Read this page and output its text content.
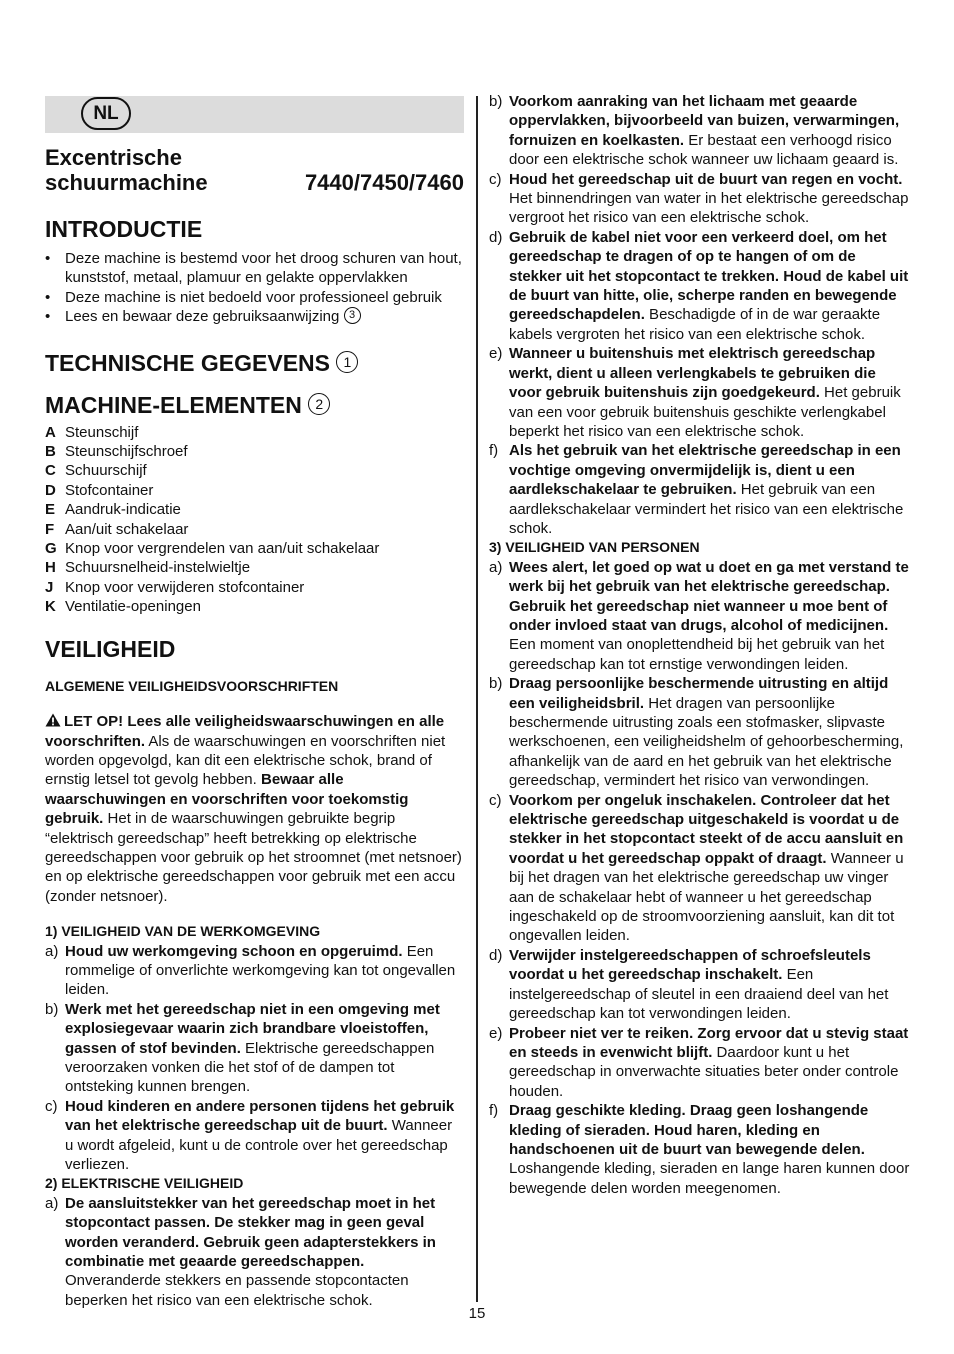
NL
Excentrische
schuurmachine	7440/7450/7460
INTRODUCTIE
• Deze machine is bestemd voor het droog schuren van hout, kunststof, metaal, plamuur en gelakte oppervlakken
• Deze machine is niet bedoeld voor professioneel gebruik
• Lees en bewaar deze gebruiksaanwijzing 3
TECHNISCHE GEGEVENS 1
MACHINE-ELEMENTEN 2
A Steunschijf
B Steunschijfschroef
C Schuurschijf
D Stofcontainer
E Aandruk-indicatie
F Aan/uit schakelaar
G Knop voor vergrendelen van aan/uit schakelaar
H Schuursnelheid-instelwieltje
J Knop voor verwijderen stofcontainer
K Ventilatie-openingen
VEILIGHEID
ALGEMENE VEILIGHEIDSVOORSCHRIFTEN
LET OP! Lees alle veiligheidswaarschuwingen en alle voorschriften. Als de waarschuwingen en voorschriften niet worden opgevolgd, kan dit een elektrische schok, brand of ernstig letsel tot gevolg hebben. Bewaar alle waarschuwingen en voorschriften voor toekomstig gebruik. Het in de waarschuwingen gebruikte begrip “elektrisch gereedschap” heeft betrekking op elektrische gereedschappen voor gebruik op het stroomnet (met netsnoer) en op elektrische gereedschappen voor gebruik met een accu (zonder netsnoer).
1) VEILIGHEID VAN DE WERKOMGEVING
a) Houd uw werkomgeving schoon en opgeruimd. Een rommelige of onverlichte werkomgeving kan tot ongevallen leiden.
b) Werk met het gereedschap niet in een omgeving met explosiegevaar waarin zich brandbare vloeistoffen, gassen of stof bevinden. Elektrische gereedschappen veroorzaken vonken die het stof of de dampen tot ontsteking kunnen brengen.
c) Houd kinderen en andere personen tijdens het gebruik van het elektrische gereedschap uit de buurt. Wanneer u wordt afgeleid, kunt u de controle over het gereedschap verliezen.
2) ELEKTRISCHE VEILIGHEID
a) De aansluitstekker van het gereedschap moet in het stopcontact passen. De stekker mag in geen geval worden veranderd. Gebruik geen adapterstekkers in combinatie met geaarde gereedschappen. Onveranderde stekkers en passende stopcontacten beperken het risico van een elektrische schok.
b) Voorkom aanraking van het lichaam met geaarde oppervlakken, bijvoorbeeld van buizen, verwarmingen, fornuizen en koelkasten. Er bestaat een verhoogd risico door een elektrische schok wanneer uw lichaam geaard is.
c) Houd het gereedschap uit de buurt van regen en vocht. Het binnendringen van water in het elektrische gereedschap vergroot het risico van een elektrische schok.
d) Gebruik de kabel niet voor een verkeerd doel, om het gereedschap te dragen of op te hangen of om de stekker uit het stopcontact te trekken. Houd de kabel uit de buurt van hitte, olie, scherpe randen en bewegende gereedschapdelen. Beschadigde of in de war geraakte kabels vergroten het risico van een elektrische schok.
e) Wanneer u buitenshuis met elektrisch gereedschap werkt, dient u alleen verlengkabels te gebruiken die voor gebruik buitenshuis zijn goedgekeurd. Het gebruik van een voor gebruik buitenshuis geschikte verlengkabel beperkt het risico van een elektrische schok.
f) Als het gebruik van het elektrische gereedschap in een vochtige omgeving onvermijdelijk is, dient u een aardlekschakelaar te gebruiken. Het gebruik van een aardlekschakelaar vermindert het risico van een elektrische schok.
3) VEILIGHEID VAN PERSONEN
a) Wees alert, let goed op wat u doet en ga met verstand te werk bij het gebruik van het elektrische gereedschap. Gebruik het gereedschap niet wanneer u moe bent of onder invloed staat van drugs, alcohol of medicijnen. Een moment van onoplettendheid bij het gebruik van het gereedschap kan tot ernstige verwondingen leiden.
b) Draag persoonlijke beschermende uitrusting en altijd een veiligheidsbril. Het dragen van persoonlijke beschermende uitrusting zoals een stofmasker, slipvaste werkschoenen, een veiligheidshelm of gehoorbescherming, afhankelijk van de aard en het gebruik van het elektrische gereedschap, vermindert het risico van verwondingen.
c) Voorkom per ongeluk inschakelen. Controleer dat het elektrische gereedschap uitgeschakeld is voordat u de stekker in het stopcontact steekt of de accu aansluit en voordat u het gereedschap oppakt of draagt. Wanneer u bij het dragen van het elektrische gereedschap uw vinger aan de schakelaar hebt of wanneer u het gereedschap ingeschakeld op de stroomvoorziening aansluit, kan dit tot ongevallen leiden.
d) Verwijder instelgereedschappen of schroefsleutels voordat u het gereedschap inschakelt. Een instelgereedschap of sleutel in een draaiend deel van het gereedschap kan tot verwondingen leiden.
e) Probeer niet ver te reiken. Zorg ervoor dat u stevig staat en steeds in evenwicht blijft. Daardoor kunt u het gereedschap in onverwachte situaties beter onder controle houden.
f) Draag geschikte kleding. Draag geen loshangende kleding of sieraden. Houd haren, kleding en handschoenen uit de buurt van bewegende delen. Loshangende kleding, sieraden en lange haren kunnen door bewegende delen worden meegenomen.
15
